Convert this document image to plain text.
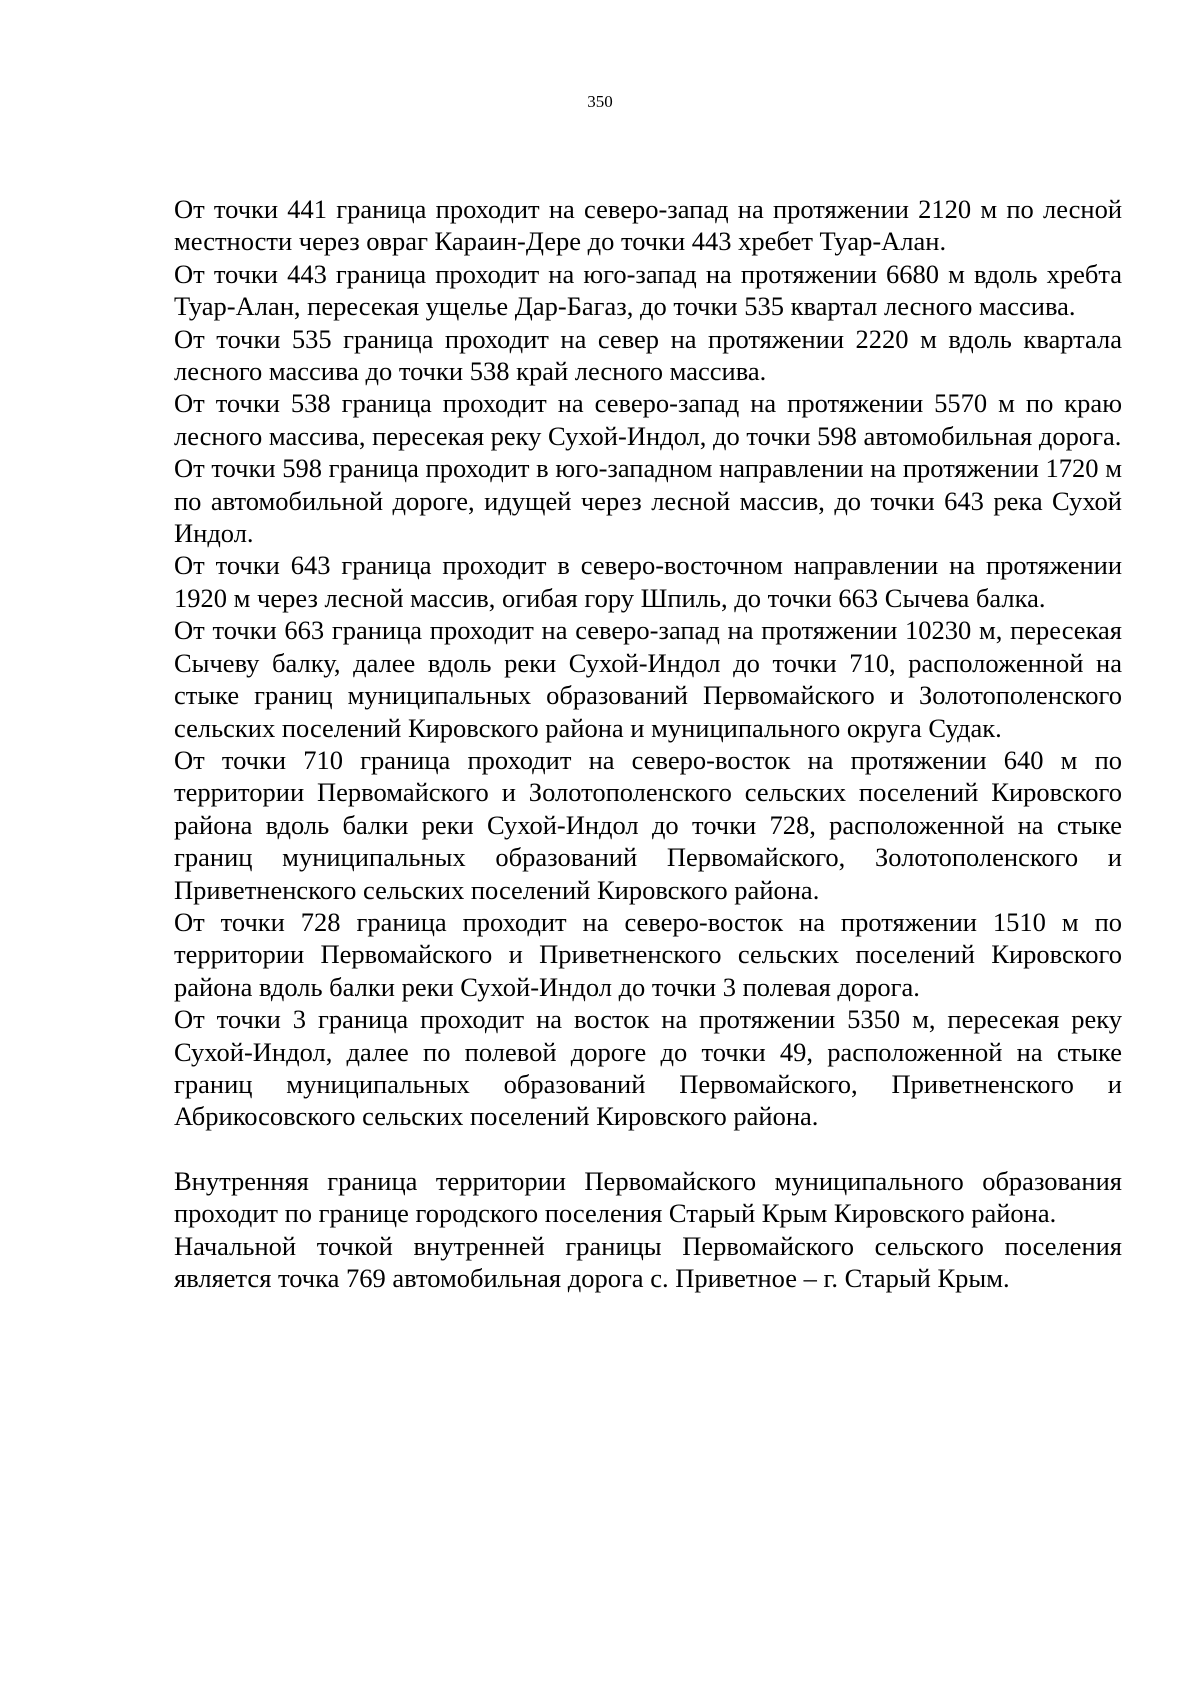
350

От точки 441 граница проходит на северо-запад на протяжении 2120 м по лесной местности через овраг Караин-Дере до точки 443 хребет Туар-Алан.

От точки 443 граница проходит на юго-запад на протяжении 6680 м вдоль хребта Туар-Алан, пересекая ущелье Дар-Багаз, до точки 535 квартал лесного массива.

От точки 535 граница проходит на север на протяжении 2220 м вдоль квартала лесного массива до точки 538 край лесного массива.

От точки 538 граница проходит на северо-запад на протяжении 5570 м по краю лесного массива, пересекая реку Сухой-Индол, до точки 598 автомобильная дорога.

От точки 598 граница проходит в юго-западном направлении на протяжении 1720 м по автомобильной дороге, идущей через лесной массив, до точки 643 река Сухой Индол.

От точки 643 граница проходит в северо-восточном направлении на протяжении 1920 м через лесной массив, огибая гору Шпиль, до точки 663 Сычева балка.

От точки 663 граница проходит на северо-запад на протяжении 10230 м, пересекая Сычеву балку, далее вдоль реки Сухой-Индол до точки 710, расположенной на стыке границ муниципальных образований Первомайского и Золотополенского сельских поселений Кировского района и муниципального округа Судак.

От точки 710 граница проходит на северо-восток на протяжении 640 м по территории Первомайского и Золотополенского сельских поселений Кировского района вдоль балки реки Сухой-Индол до точки 728, расположенной на стыке границ муниципальных образований Первомайского, Золотополенского и Приветненского сельских поселений Кировского района.

От точки 728 граница проходит на северо-восток на протяжении 1510 м по территории Первомайского и Приветненского сельских поселений Кировского района вдоль балки реки Сухой-Индол до точки 3 полевая дорога.

От точки 3 граница проходит на восток на протяжении 5350 м, пересекая реку Сухой-Индол, далее по полевой дороге до точки 49, расположенной на стыке границ муниципальных образований Первомайского, Приветненского и Абрикосовского сельских поселений Кировского района.

Внутренняя граница территории Первомайского муниципального образования проходит по границе городского поселения Старый Крым Кировского района.

Начальной точкой внутренней границы Первомайского сельского поселения является точка 769 автомобильная дорога с. Приветное – г. Старый Крым.
